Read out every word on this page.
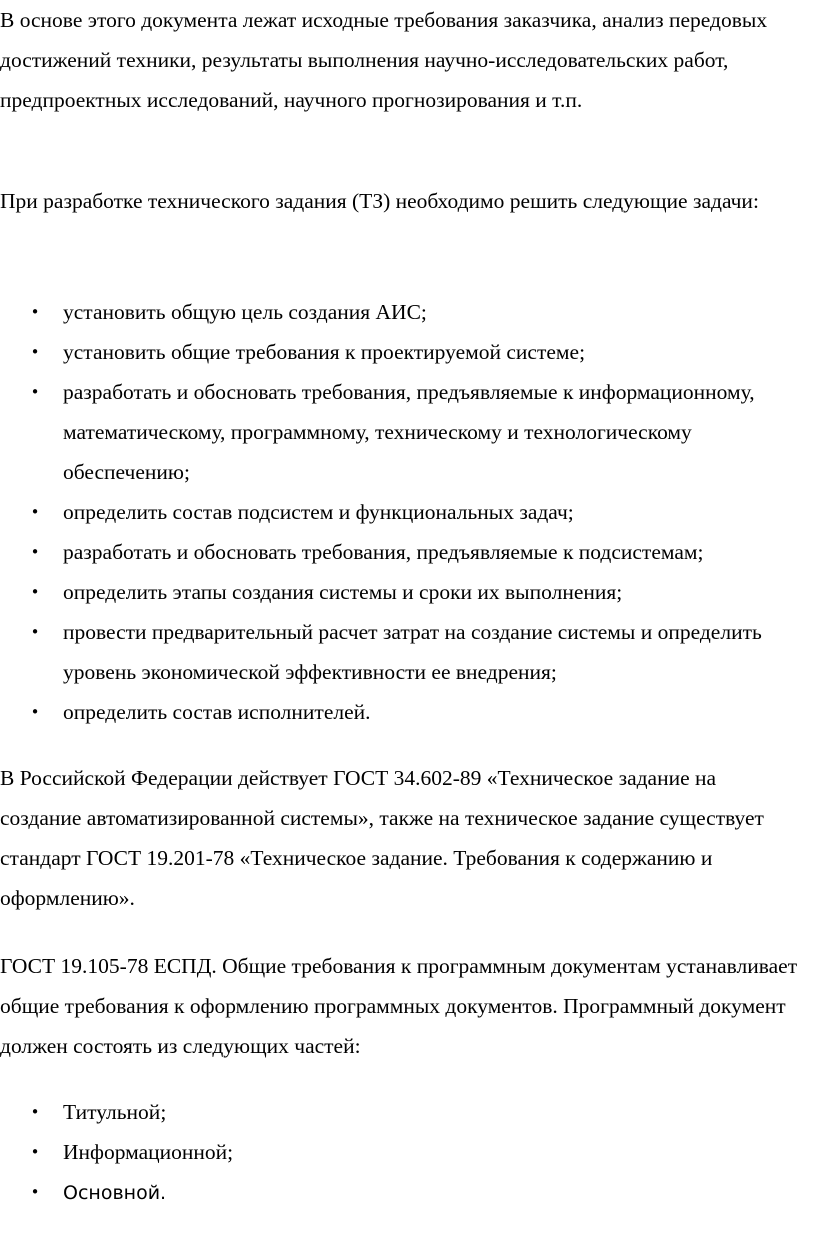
В основе этого документа лежат исходные требования заказчика, анализ передовых достижений техники, результаты выполнения научно-исследовательских работ, предпроектных исследований, научного прогнозирования и т.п.

При разработке технического задания (ТЗ) необходимо решить следующие задачи:

• установить общую цель создания АИС;
• установить общие требования к проектируемой системе;
• разработать и обосновать требования, предъявляемые к информационному, математическому, программному, техническому и технологическому обеспечению;
• определить состав подсистем и функциональных задач;
• разработать и обосновать требования, предъявляемые к подсистемам;
• определить этапы создания системы и сроки их выполнения;
• провести предварительный расчет затрат на создание системы и определить уровень экономической эффективности ее внедрения;
• определить состав исполнителей.

В Российской Федерации действует ГОСТ 34.602-89 «Техническое задание на создание автоматизированной системы», также на техническое задание существует стандарт ГОСТ 19.201-78 «Техническое задание. Требования к содержанию и оформлению».

ГОСТ 19.105-78 ЕСПД. Общие требования к программным документам устанавливает общие требования к оформлению программных документов. Программный документ должен состоять из следующих частей:

• Титульной;
• Информационной;
• Основной.
